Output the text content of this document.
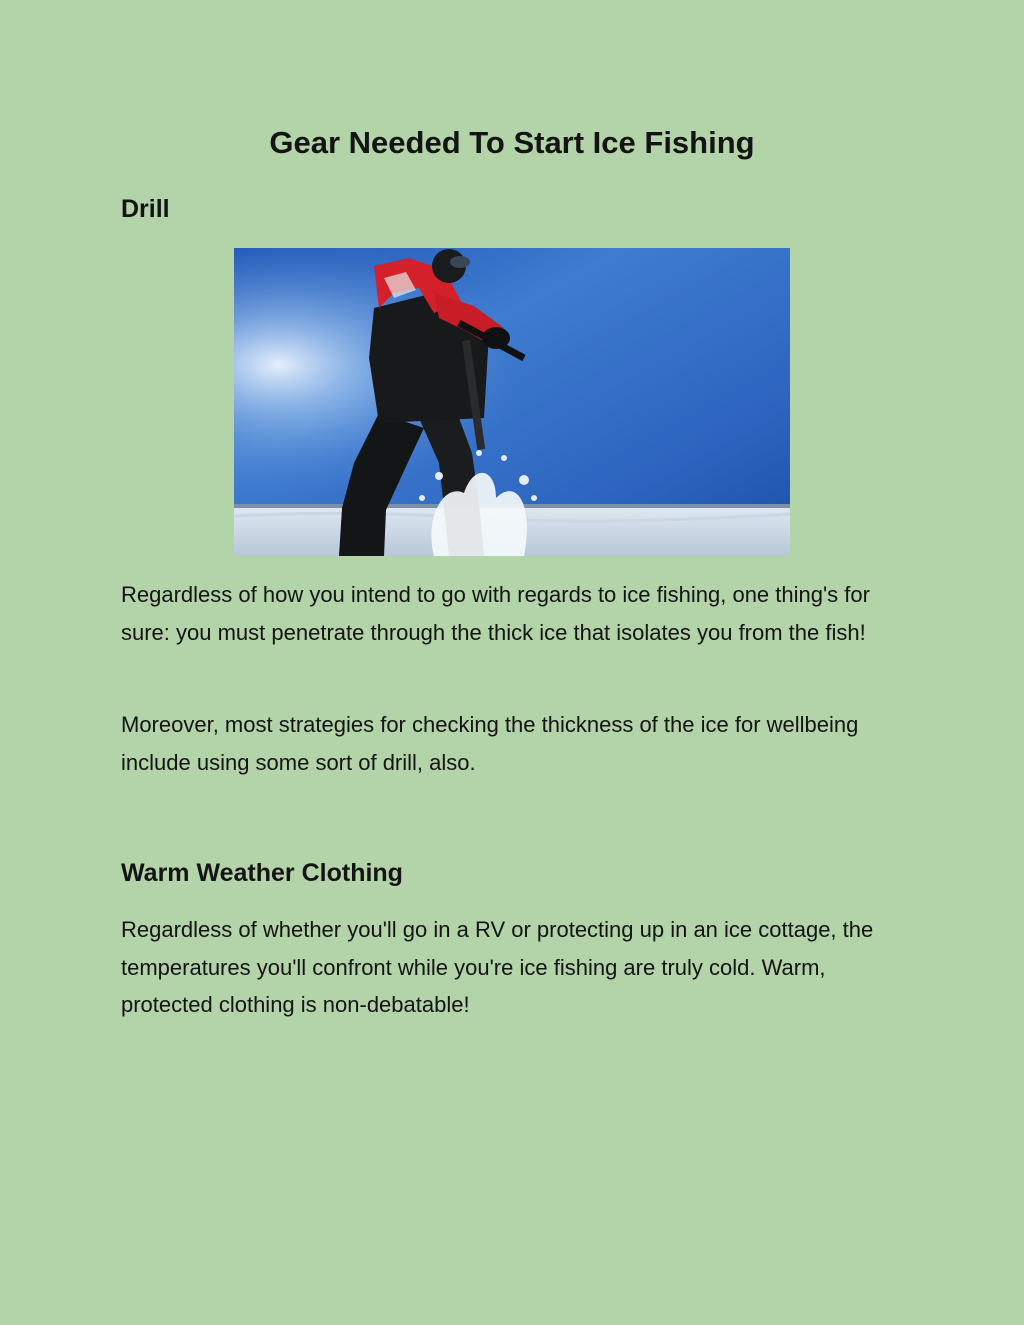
Gear Needed To Start Ice Fishing
Drill

Regardless of how you intend to go with regards to ice fishing, one thing's for sure: you must penetrate through the thick ice that isolates you from the fish!

Moreover, most strategies for checking the thickness of the ice for wellbeing include using some sort of drill, also.

Warm Weather Clothing

Regardless of whether you'll go in a RV or protecting up in an ice cottage, the temperatures you'll confront while you're ice fishing are truly cold. Warm, protected clothing is non-debatable!
